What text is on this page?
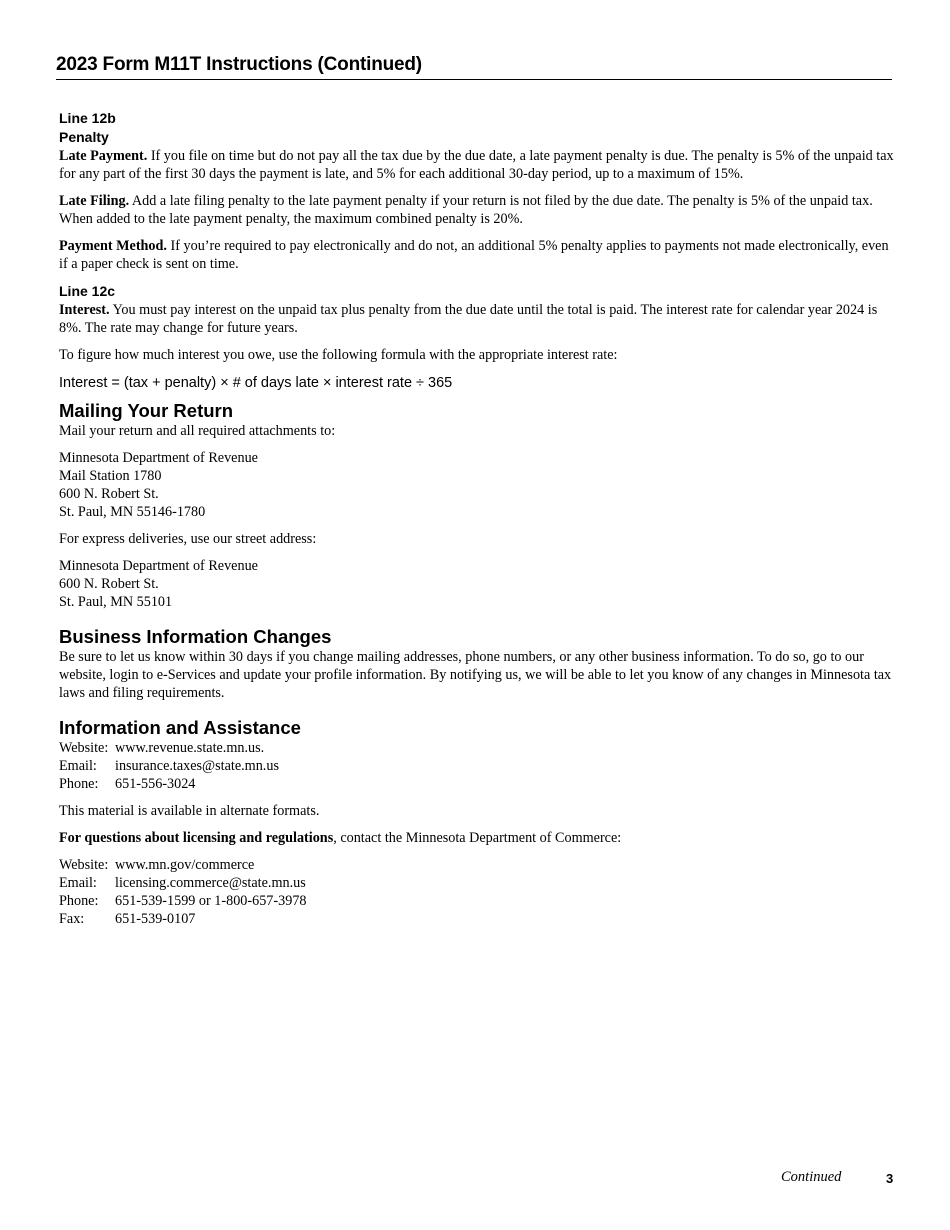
2023 Form M11T Instructions (Continued)
Line 12b
Penalty

Late Payment. If you file on time but do not pay all the tax due by the due date, a late payment penalty is due. The penalty is 5% of the unpaid tax for any part of the first 30 days the payment is late, and 5% for each additional 30-day period, up to a maximum of 15%.

Late Filing. Add a late filing penalty to the late payment penalty if your return is not filed by the due date. The penalty is 5% of the unpaid tax. When added to the late payment penalty, the maximum combined penalty is 20%.

Payment Method. If you’re required to pay electronically and do not, an additional 5% penalty applies to payments not made electronically, even if a paper check is sent on time.

Line 12c

Interest. You must pay interest on the unpaid tax plus penalty from the due date until the total is paid. The interest rate for calendar year 2024 is 8%. The rate may change for future years.

To figure how much interest you owe, use the following formula with the appropriate interest rate:

Interest = (tax + penalty) × # of days late × interest rate ÷ 365
Mailing Your Return

Mail your return and all required attachments to:

Minnesota Department of Revenue
Mail Station 1780
600 N. Robert St.
St. Paul, MN 55146-1780

For express deliveries, use our street address:

Minnesota Department of Revenue
600 N. Robert St.
St. Paul, MN 55101
Business Information Changes

Be sure to let us know within 30 days if you change mailing addresses, phone numbers, or any other business information. To do so, go to our website, login to e-Services and update your profile information. By notifying us, we will be able to let you know of any changes in Minnesota tax laws and filing requirements.

Information and Assistance
Website: www.revenue.state.mn.us.
Email:	insurance.taxes@state.mn.us
Phone:	651-556-3024

This material is available in alternate formats.

For questions about licensing and regulations, contact the Minnesota Department of Commerce:

Website: www.mn.gov/commerce
Email:	licensing.commerce@state.mn.us
Phone:	651-539-1599 or 1-800-657-3978
Fax:	651-539-0107
Continued	3
